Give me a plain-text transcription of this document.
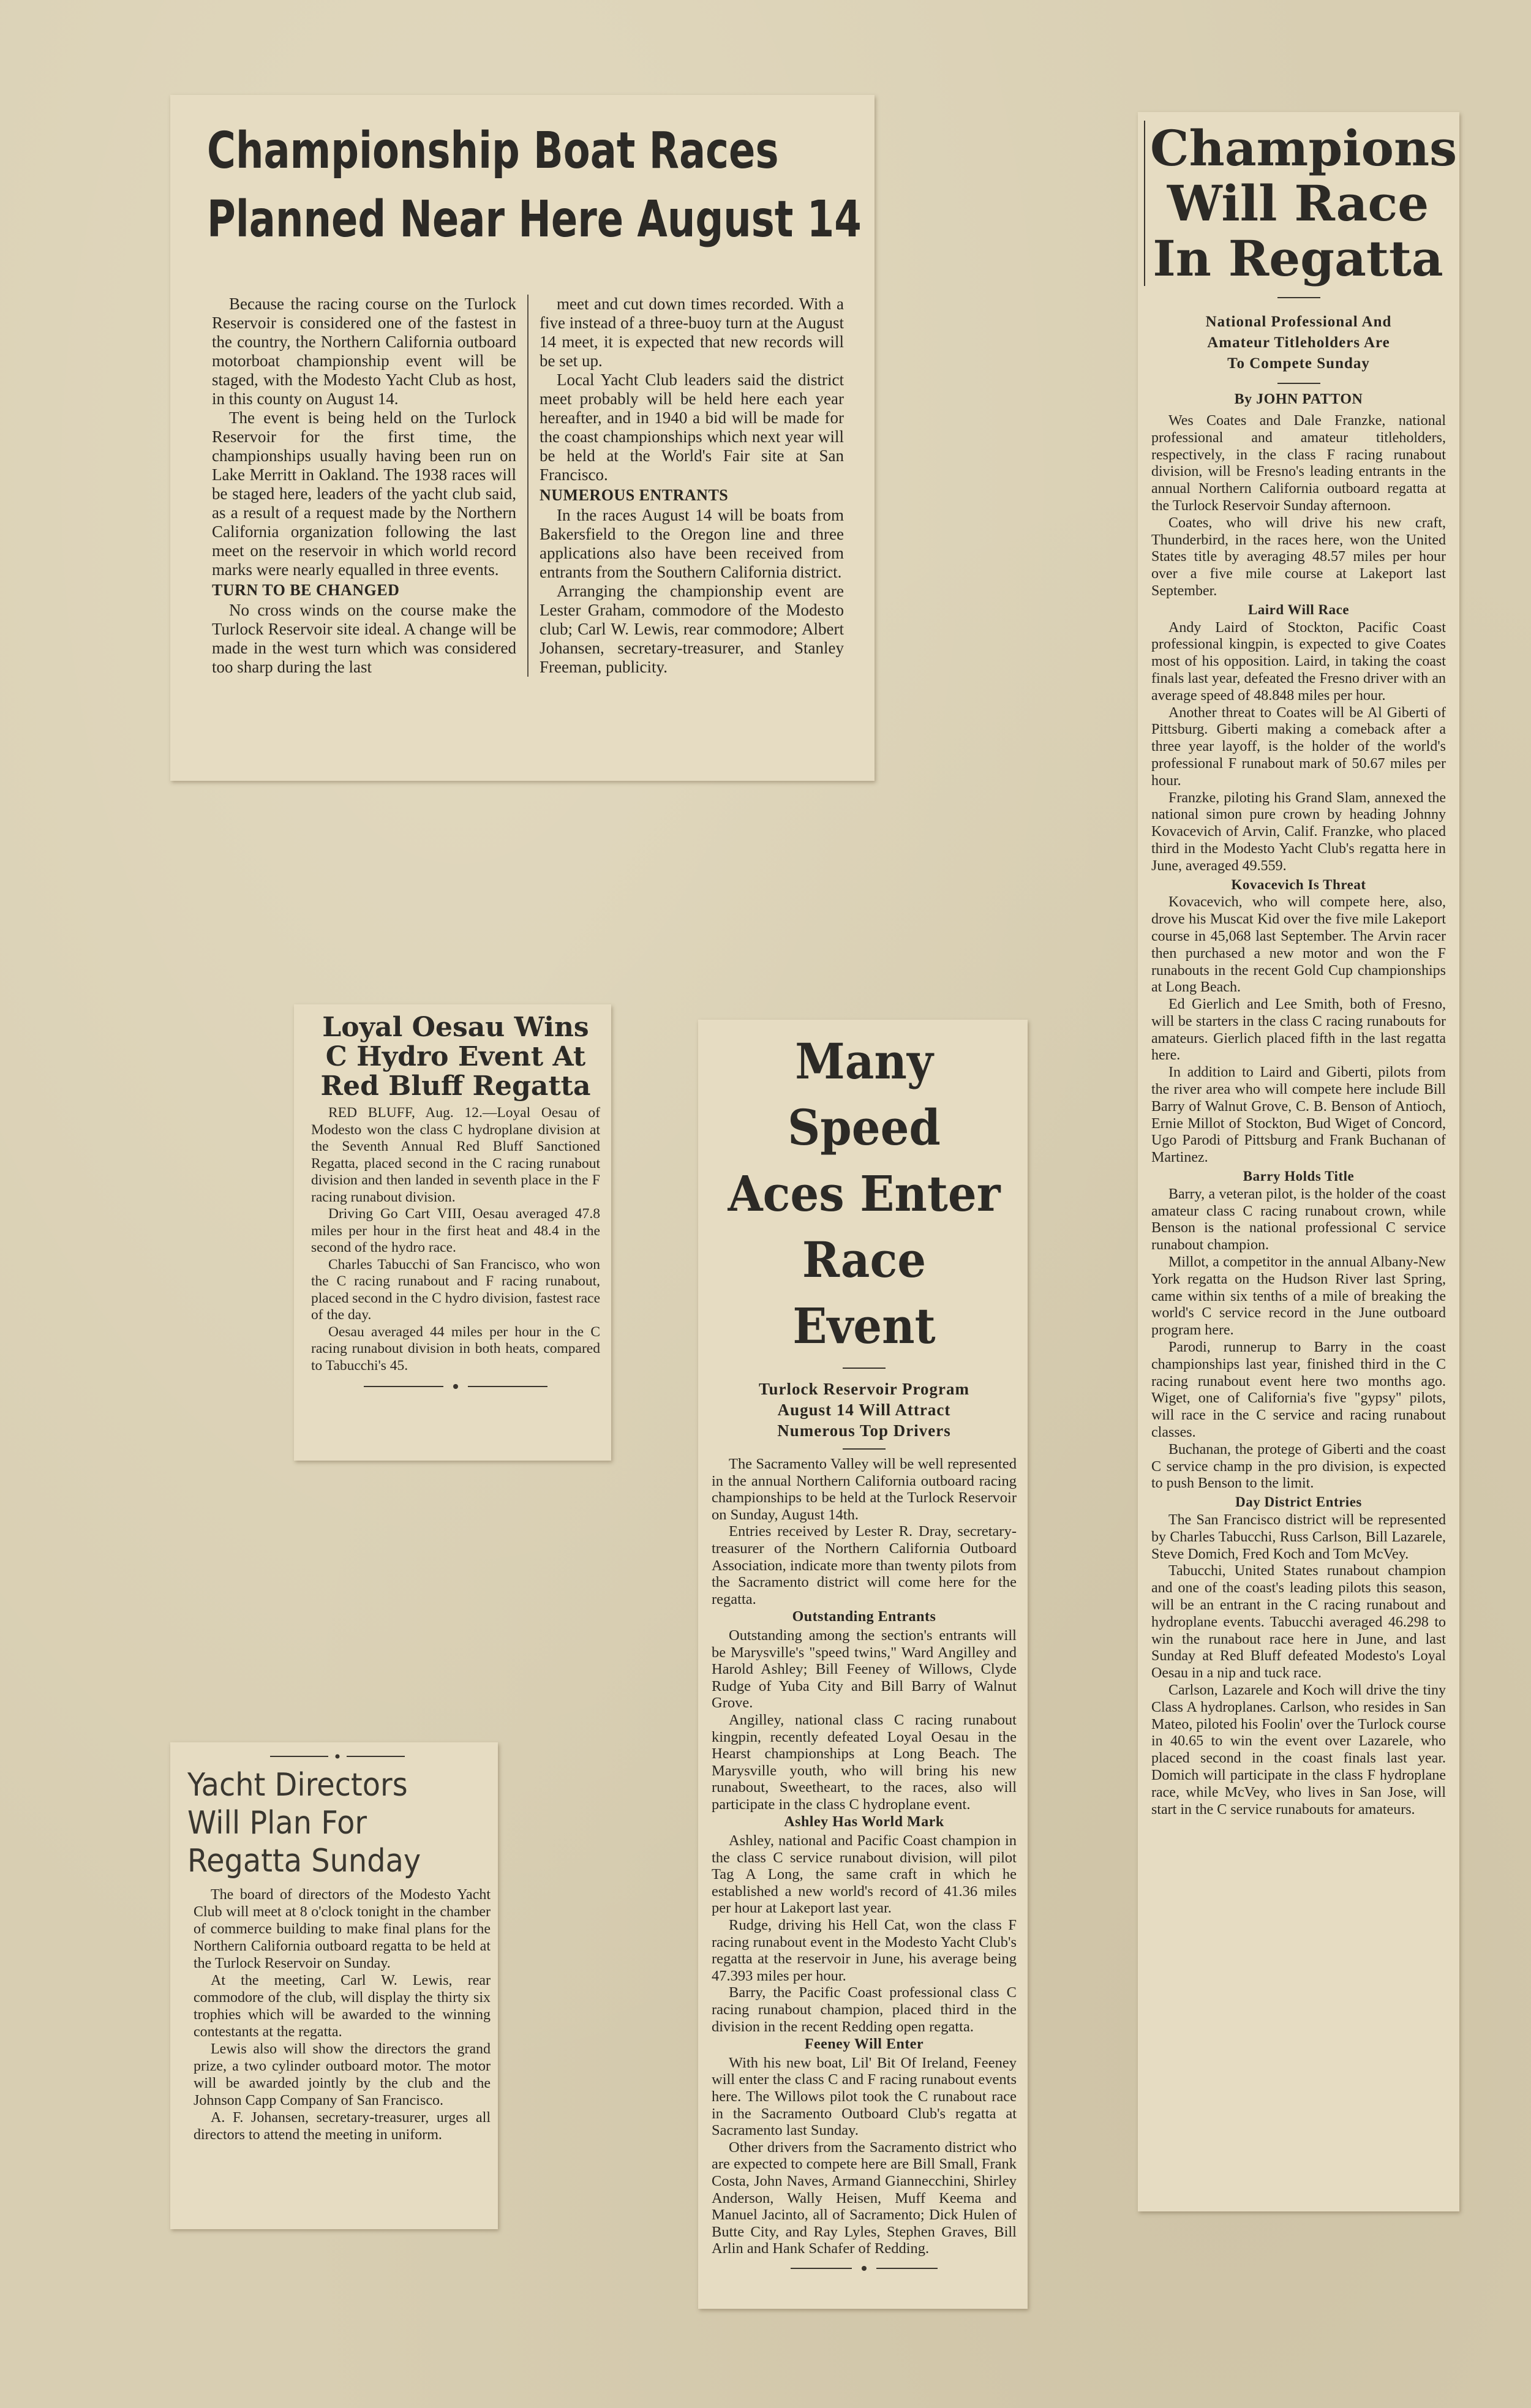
Championship Boat Races
Planned Near Here August 14

Because the racing course on the Turlock Reservoir is considered one of the fastest in the country, the Northern California outboard motorboat championship event will be staged, with the Modesto Yacht Club as host, in this county on August 14.

The event is being held on the Turlock Reservoir for the first time, the championships usually having been run on Lake Merritt in Oakland. The 1938 races will be staged here, leaders of the yacht club said, as a result of a request made by the Northern California organization following the last meet on the reservoir in which world record marks were nearly equalled in three events.

TURN TO BE CHANGED

No cross winds on the course make the Turlock Reservoir site ideal. A change will be made in the west turn which was considered too sharp during the last

meet and cut down times recorded. With a five instead of a three-buoy turn at the August 14 meet, it is expected that new records will be set up.

Local Yacht Club leaders said the district meet probably will be held here each year hereafter, and in 1940 a bid will be made for the coast championships which next year will be held at the World's Fair site at San Francisco.

NUMEROUS ENTRANTS

In the races August 14 will be boats from Bakersfield to the Oregon line and three applications also have been received from entrants from the Southern California district.

Arranging the championship event are Lester Graham, commodore of the Modesto club; Carl W. Lewis, rear commodore; Albert Johansen, secretary-treasurer, and Stanley Freeman, publicity.

Champions
Will Race
In Regatta
National Professional And
Amateur Titleholders Are
To Compete Sunday
By JOHN PATTON

Wes Coates and Dale Franzke, national professional and amateur titleholders, respectively, in the class F racing runabout division, will be Fresno's leading entrants in the annual Northern California outboard regatta at the Turlock Reservoir Sunday afternoon.

Coates, who will drive his new craft, Thunderbird, in the races here, won the United States title by averaging 48.57 miles per hour over a five mile course at Lakeport last September.

Laird Will Race

Andy Laird of Stockton, Pacific Coast professional kingpin, is expected to give Coates most of his opposition. Laird, in taking the coast finals last year, defeated the Fresno driver with an average speed of 48.848 miles per hour.

Another threat to Coates will be Al Giberti of Pittsburg. Giberti making a comeback after a three year layoff, is the holder of the world's professional F runabout mark of 50.67 miles per hour.

Franzke, piloting his Grand Slam, annexed the national simon pure crown by heading Johnny Kovacevich of Arvin, Calif. Franzke, who placed third in the Modesto Yacht Club's regatta here in June, averaged 49.559.

Kovacevich Is Threat

Kovacevich, who will compete here, also, drove his Muscat Kid over the five mile Lakeport course in 45,068 last September. The Arvin racer then purchased a new motor and won the F runabouts in the recent Gold Cup championships at Long Beach.

Ed Gierlich and Lee Smith, both of Fresno, will be starters in the class C racing runabouts for amateurs. Gierlich placed fifth in the last regatta here.

In addition to Laird and Giberti, pilots from the river area who will compete here include Bill Barry of Walnut Grove, C. B. Benson of Antioch, Ernie Millot of Stockton, Bud Wiget of Concord, Ugo Parodi of Pittsburg and Frank Buchanan of Martinez.

Barry Holds Title

Barry, a veteran pilot, is the holder of the coast amateur class C racing runabout crown, while Benson is the national professional C service runabout champion.

Millot, a competitor in the annual Albany-New York regatta on the Hudson River last Spring, came within six tenths of a mile of breaking the world's C service record in the June outboard program here.

Parodi, runnerup to Barry in the coast championships last year, finished third in the C racing runabout event here two months ago. Wiget, one of California's five "gypsy" pilots, will race in the C service and racing runabout classes.

Buchanan, the protege of Giberti and the coast C service champ in the pro division, is expected to push Benson to the limit.

Day District Entries

The San Francisco district will be represented by Charles Tabucchi, Russ Carlson, Bill Lazarele, Steve Domich, Fred Koch and Tom McVey.

Tabucchi, United States runabout champion and one of the coast's leading pilots this season, will be an entrant in the C racing runabout and hydroplane events. Tabucchi averaged 46.298 to win the runabout race here in June, and last Sunday at Red Bluff defeated Modesto's Loyal Oesau in a nip and tuck race.

Carlson, Lazarele and Koch will drive the tiny Class A hydroplanes. Carlson, who resides in San Mateo, piloted his Foolin' over the Turlock course in 40.65 to win the event over Lazarele, who placed second in the coast finals last year. Domich will participate in the class F hydroplane race, while McVey, who lives in San Jose, will start in the C service runabouts for amateurs.

Loyal Oesau Wins
C Hydro Event At
Red Bluff Regatta

RED BLUFF, Aug. 12.—Loyal Oesau of Modesto won the class C hydroplane division at the Seventh Annual Red Bluff Sanctioned Regatta, placed second in the C racing runabout division and then landed in seventh place in the F racing runabout division.

Driving Go Cart VIII, Oesau averaged 47.8 miles per hour in the first heat and 48.4 in the second of the hydro race.

Charles Tabucchi of San Francisco, who won the C racing runabout and F racing runabout, placed second in the C hydro division, fastest race of the day.

Oesau averaged 44 miles per hour in the C racing runabout division in both heats, compared to Tabucchi's 45.

Many Speed
Aces Enter
Race Event
Turlock Reservoir Program
August 14 Will Attract
Numerous Top Drivers

The Sacramento Valley will be well represented in the annual Northern California outboard racing championships to be held at the Turlock Reservoir on Sunday, August 14th.

Entries received by Lester R. Dray, secretary-treasurer of the Northern California Outboard Association, indicate more than twenty pilots from the Sacramento district will come here for the regatta.

Outstanding Entrants

Outstanding among the section's entrants will be Marysville's "speed twins," Ward Angilley and Harold Ashley; Bill Feeney of Willows, Clyde Rudge of Yuba City and Bill Barry of Walnut Grove.

Angilley, national class C racing runabout kingpin, recently defeated Loyal Oesau in the Hearst championships at Long Beach. The Marysville youth, who will bring his new runabout, Sweetheart, to the races, also will participate in the class C hydroplane event.

Ashley Has World Mark

Ashley, national and Pacific Coast champion in the class C service runabout division, will pilot Tag A Long, the same craft in which he established a new world's record of 41.36 miles per hour at Lakeport last year.

Rudge, driving his Hell Cat, won the class F racing runabout event in the Modesto Yacht Club's regatta at the reservoir in June, his average being 47.393 miles per hour.

Barry, the Pacific Coast professional class C racing runabout champion, placed third in the division in the recent Redding open regatta.

Feeney Will Enter

With his new boat, Lil' Bit Of Ireland, Feeney will enter the class C and F racing runabout events here. The Willows pilot took the C runabout race in the Sacramento Outboard Club's regatta at Sacramento last Sunday.

Other drivers from the Sacramento district who are expected to compete here are Bill Small, Frank Costa, John Naves, Armand Giannecchini, Shirley Anderson, Wally Heisen, Muff Keema and Manuel Jacinto, all of Sacramento; Dick Hulen of Butte City, and Ray Lyles, Stephen Graves, Bill Arlin and Hank Schafer of Redding.

Yacht Directors
Will Plan For
Regatta Sunday

The board of directors of the Modesto Yacht Club will meet at 8 o'clock tonight in the chamber of commerce building to make final plans for the Northern California outboard regatta to be held at the Turlock Reservoir on Sunday.

At the meeting, Carl W. Lewis, rear commodore of the club, will display the thirty six trophies which will be awarded to the winning contestants at the regatta.

Lewis also will show the directors the grand prize, a two cylinder outboard motor. The motor will be awarded jointly by the club and the Johnson Capp Company of San Francisco.

A. F. Johansen, secretary-treasurer, urges all directors to attend the meeting in uniform.
